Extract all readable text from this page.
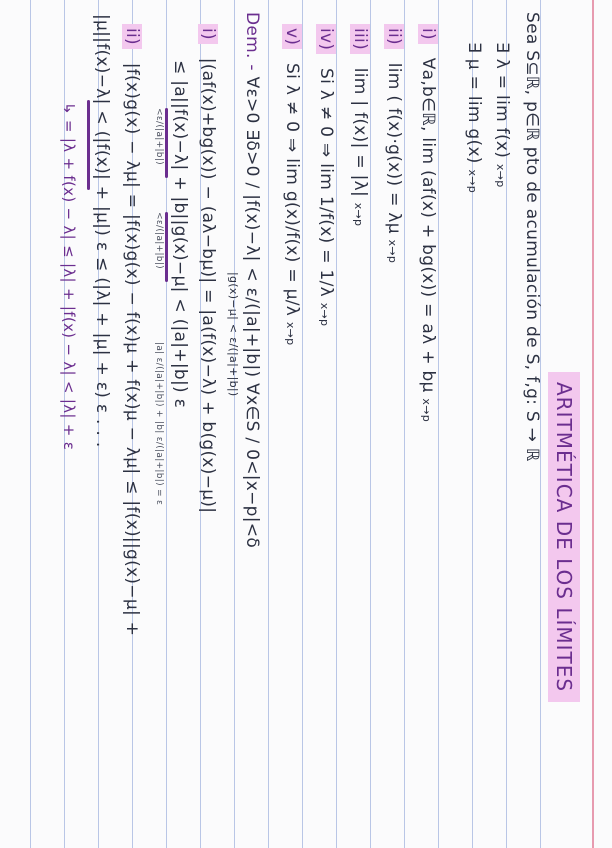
ARITMÉTICA DE LOS LÍMITES
Sea S⊆ℝ, p∈ℝ pto de acumulación de S, f,g: S → ℝ
∃ λ = lim f(x) x→p
∃ μ = lim g(x) x→p
i) ∀a,b∈ℝ, lim (af(x) + bg(x)) = aλ + bμ x→p
ii) lim ( f(x)·g(x)) = λμ x→p
iii) lim | f(x)| = |λ| x→p
iv) Si λ ≠ 0 ⇒ lim 1/f(x) = 1/λ x→p
v) Si λ ≠ 0 ⇒ lim g(x)/f(x) = μ/λ x→p
Dem. - ∀ε>0 ∃δ>0 / |f(x)−λ| < ε/(|a|+|b|) ∀x∈S / 0<|x−p|<δ
|g(x)−μ| < ε/(|a|+|b|)
i) |(af(x)+bg(x)) − (aλ−bμ)| = |a(f(x)−λ) + b(g(x)−μ)|
≤ |a||f(x)−λ| + |b||g(x)−μ| < (|a|+|b|) ε
<ε/(|a|+|b|)
<ε/(|a|+|b|)
|a| ε/(|a|+|b|) + |b| ε/(|a|+|b|) = ε
ii) |f(x)g(x) − λμ| = |f(x)g(x) − f(x)μ + f(x)μ − λμ| ≤ |f(x)||g(x)−μ| +
|μ||f(x)−λ| < (|f(x)| + |μ|) ε ≤ (|λ| + |μ| + ε) ε . . .
↳ = |λ + f(x) − λ| ≤ |λ| + |f(x) − λ| < |λ| + ε
